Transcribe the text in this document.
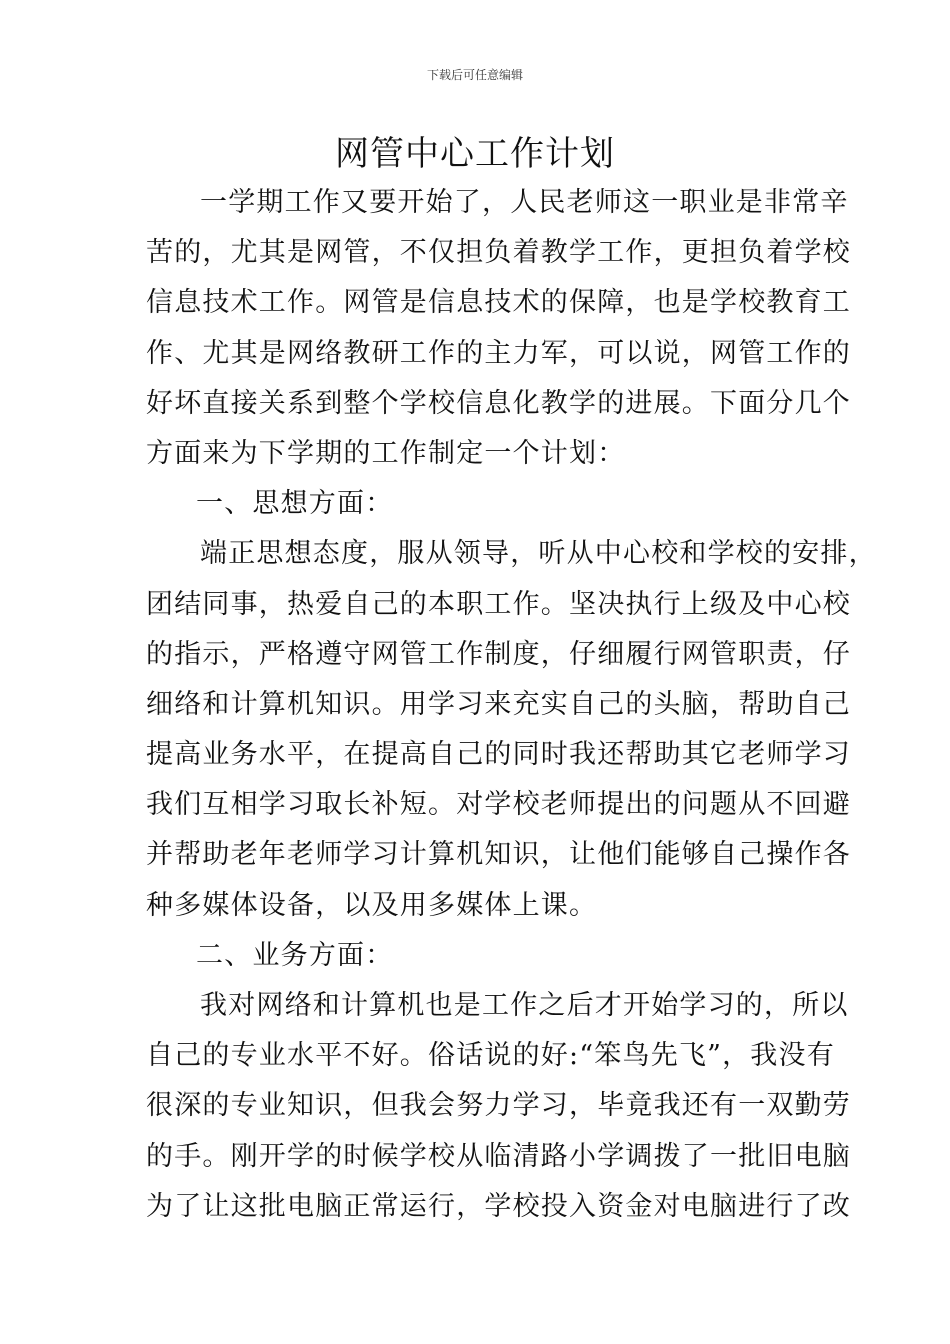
下载后可任意编辑
网管中心工作计划
一学期工作又要开始了，人民老师这一职业是非常辛
苦的，尤其是网管，不仅担负着教学工作，更担负着学校
信息技术工作。网管是信息技术的保障，也是学校教育工
作、尤其是网络教研工作的主力军，可以说，网管工作的
好坏直接关系到整个学校信息化教学的进展。下面分几个
方面来为下学期的工作制定一个计划：
一、思想方面：
端正思想态度，服从领导，听从中心校和学校的安排，
团结同事，热爱自己的本职工作。坚决执行上级及中心校
的指示，严格遵守网管工作制度，仔细履行网管职责，仔
细络和计算机知识。用学习来充实自己的头脑，帮助自己
提高业务水平，在提高自己的同时我还帮助其它老师学习
我们互相学习取长补短。对学校老师提出的问题从不回避
并帮助老年老师学习计算机知识，让他们能够自己操作各
种多媒体设备，以及用多媒体上课。
二、业务方面：
我对网络和计算机也是工作之后才开始学习的，所以
自己的专业水平不好。俗话说的好:“笨鸟先飞”，我没有
很深的专业知识，但我会努力学习，毕竟我还有一双勤劳
的手。刚开学的时候学校从临清路小学调拨了一批旧电脑
为了让这批电脑正常运行，学校投入资金对电脑进行了改
